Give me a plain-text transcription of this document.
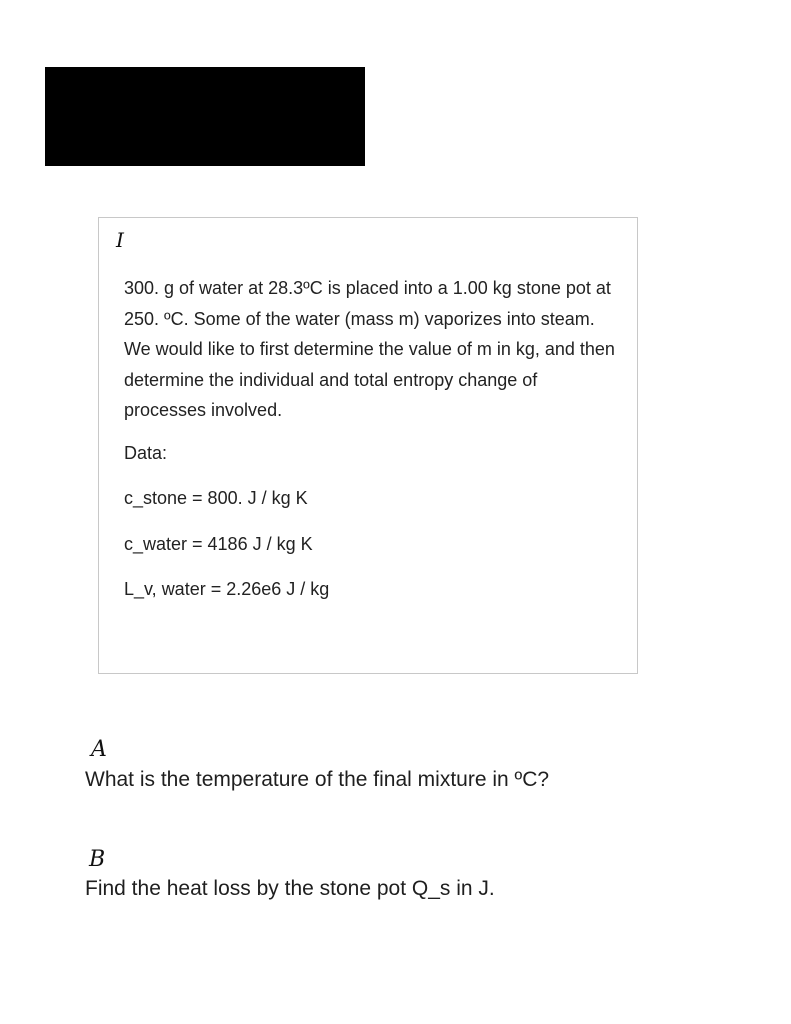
I

300. g of water at 28.3ºC is placed into a 1.00 kg stone pot at 250. ºC. Some of the water (mass m) vaporizes into steam. We would like to first determine the value of m in kg, and then determine the individual and total entropy change of processes involved.

Data:

c_stone = 800. J / kg K

c_water = 4186 J / kg K

L_v, water = 2.26e6 J / kg

A

What is the temperature of the final mixture in ºC?

B

Find the heat loss by the stone pot Q_s in J.
